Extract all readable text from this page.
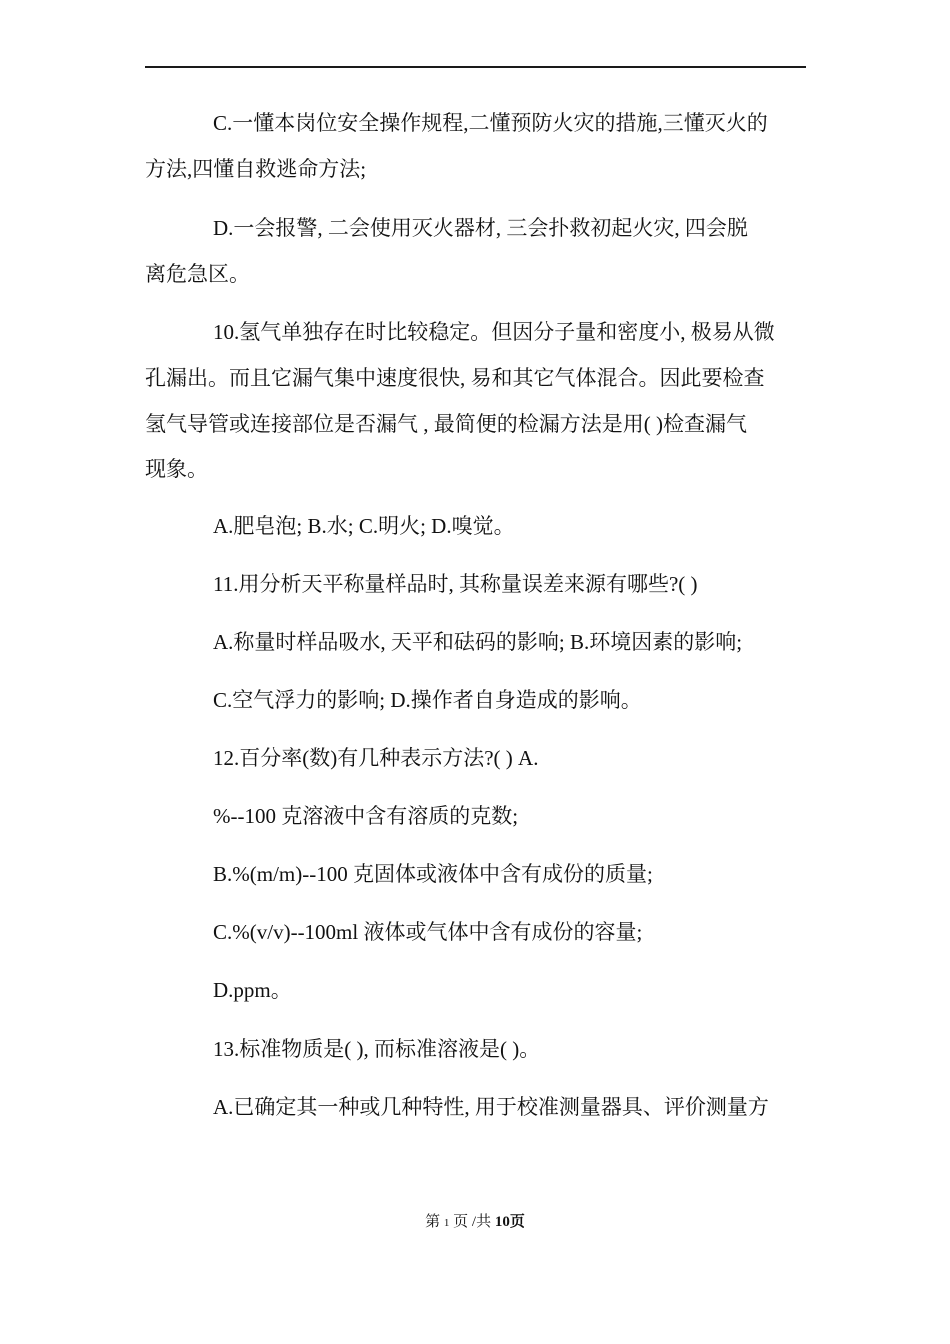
C.一懂本岗位安全操作规程,二懂预防火灾的措施,三懂灭火的
方法,四懂自救逃命方法;
D.一会报警, 二会使用灭火器材, 三会扑救初起火灾, 四会脱
离危急区。
10.氢气单独存在时比较稳定。但因分子量和密度小, 极易从微
孔漏出。而且它漏气集中速度很快, 易和其它气体混合。因此要检查
氢气导管或连接部位是否漏气 , 最简便的检漏方法是用( )检查漏气
现象。
A.肥皂泡; B.水; C.明火; D.嗅觉。
11.用分析天平称量样品时, 其称量误差来源有哪些?( )
A.称量时样品吸水, 天平和砝码的影响; B.环境因素的影响;
C.空气浮力的影响; D.操作者自身造成的影响。
12.百分率(数)有几种表示方法?( ) A.
%--100 克溶液中含有溶质的克数;
B.%(m/m)--100 克固体或液体中含有成份的质量;
C.%(v/v)--100ml 液体或气体中含有成份的容量;
D.ppm。
13.标准物质是( ), 而标准溶液是( )。
A.已确定其一种或几种特性, 用于校准测量器具、评价测量方
第 1 页 /共 10页
